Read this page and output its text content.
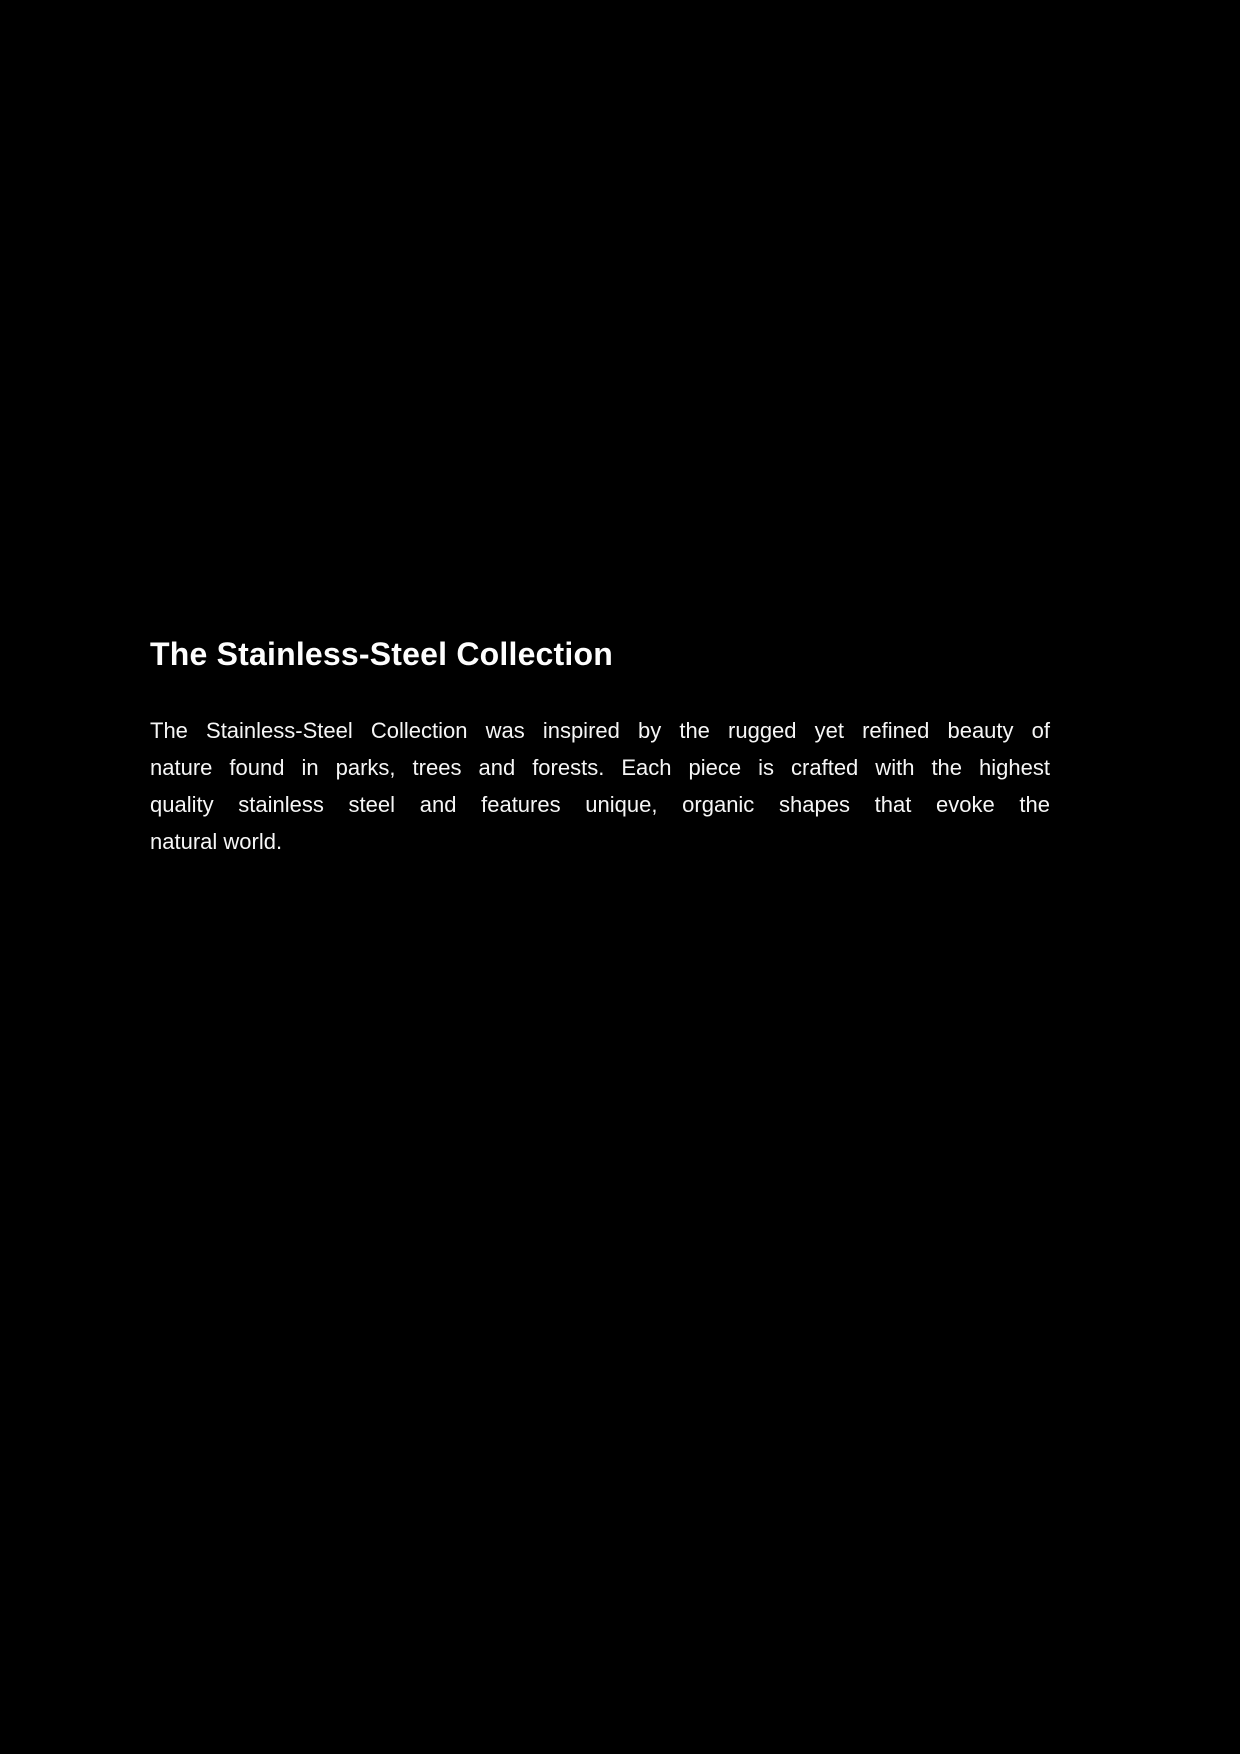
The Stainless-Steel Collection
The Stainless-Steel Collection was inspired by the rugged yet refined beauty of
nature found in parks, trees and forests. Each piece is crafted with the highest
quality stainless steel and features unique, organic shapes that evoke the
natural world.
